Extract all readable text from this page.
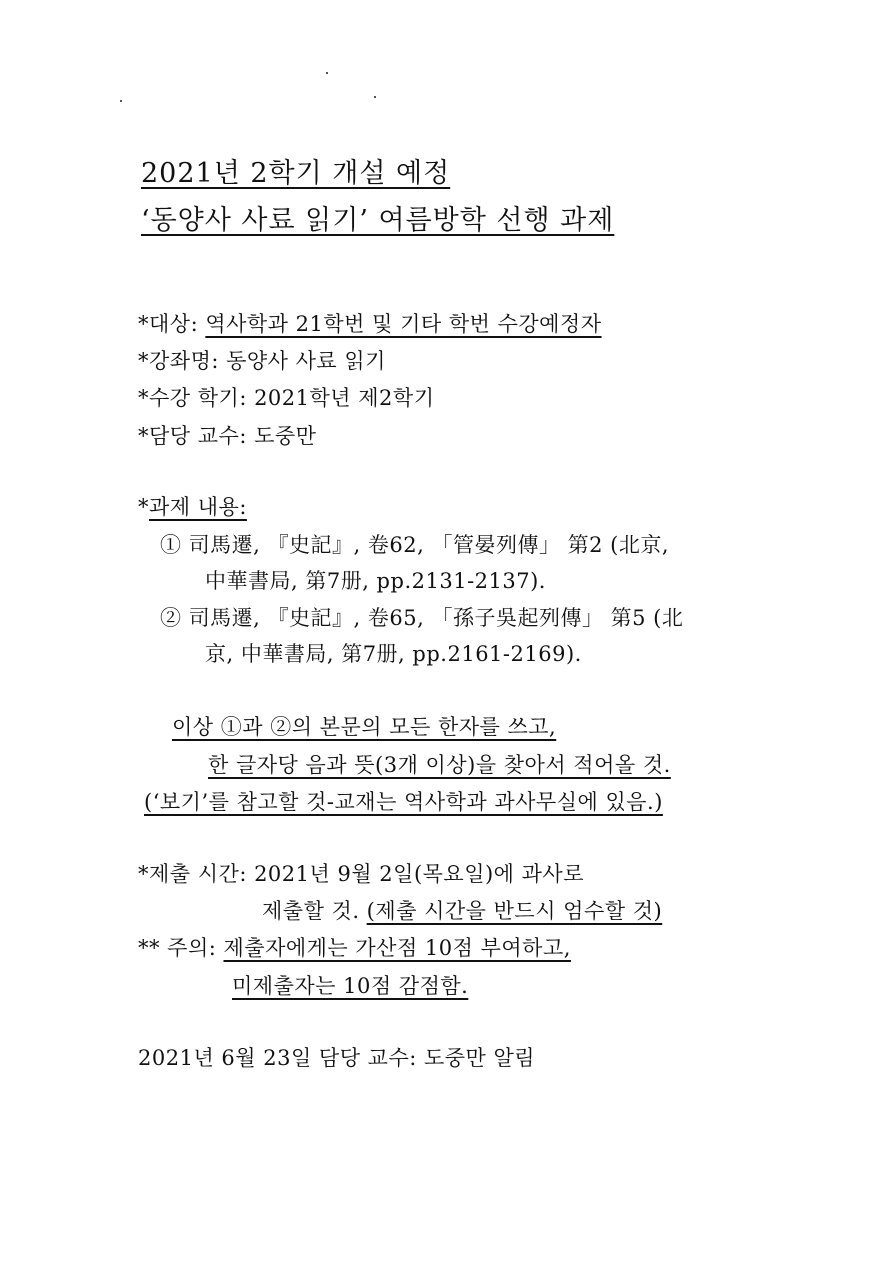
2021년 2학기 개설 예정
‘동양사 사료 읽기’ 여름방학 선행 과제
*대상: 역사학과 21학번 및 기타 학번 수강예정자
*강좌명: 동양사 사료 읽기
*수강 학기: 2021학년 제2학기
*담당 교수: 도중만
*과제 내용:
① 司馬遷, 『史記』, 卷62, 「管晏列傳」 第2 (北京,
中華書局, 第7册, pp.2131-2137).
② 司馬遷, 『史記』, 卷65, 「孫子吳起列傳」 第5 (北
京, 中華書局, 第7册, pp.2161-2169).
이상 ①과 ②의 본문의 모든 한자를 쓰고,
한 글자당 음과 뜻(3개 이상)을 찾아서 적어올 것.
(‘보기’를 참고할 것-교재는 역사학과 과사무실에 있음.)
*제출 시간: 2021년 9월 2일(목요일)에 과사로
제출할 것. (제출 시간을 반드시 엄수할 것)
** 주의: 제출자에게는 가산점 10점 부여하고,
미제출자는 10점 감점함.
2021년 6월 23일 담당 교수: 도중만 알림
